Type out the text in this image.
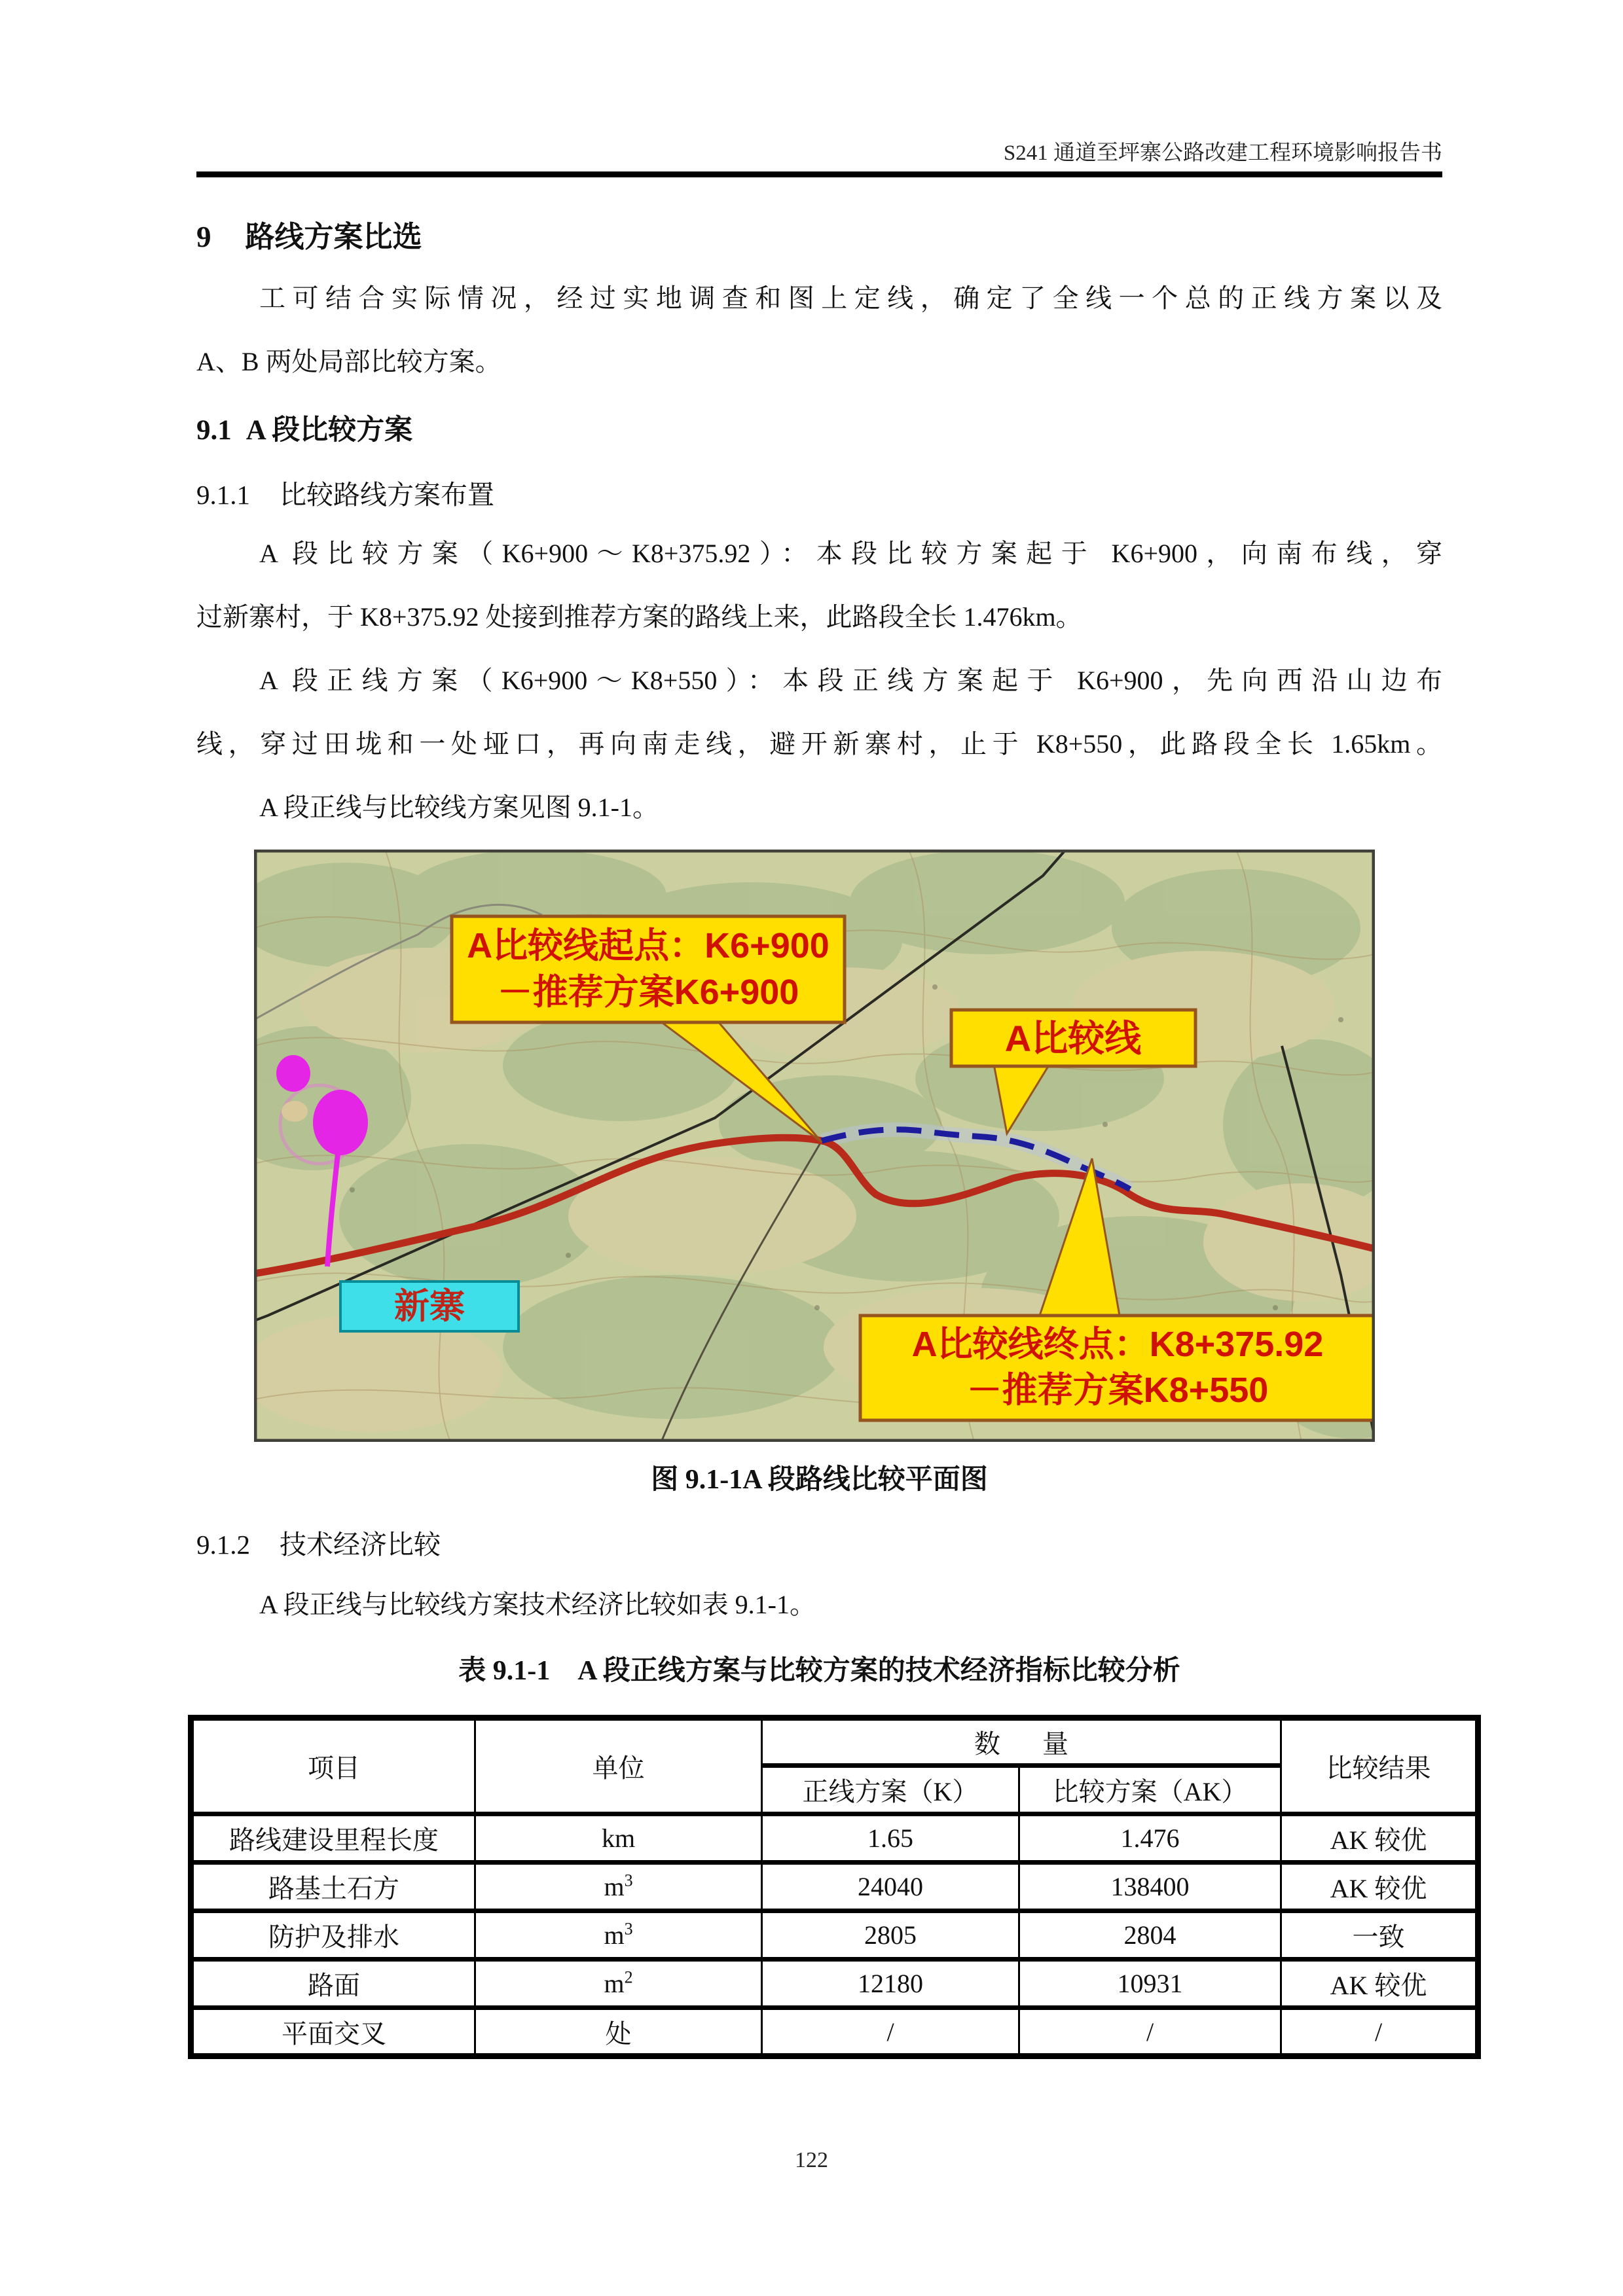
S241 通道至坪寨公路改建工程环境影响报告书
9 路线方案比选
工可结合实际情况，经过实地调查和图上定线，确定了全线一个总的正线方案以及
A、B 两处局部比较方案。
9.1 A 段比较方案
9.1.1 比较路线方案布置
A 段比较方案（K6+900～K8+375.92）：本段比较方案起于 K6+900，向南布线，穿
过新寨村，于 K8+375.92 处接到推荐方案的路线上来，此路段全长 1.476km。
A 段正线方案（K6+900～K8+550）：本段正线方案起于 K6+900，先向西沿山边布
线，穿过田垅和一处垭口，再向南走线，避开新寨村，止于 K8+550，此路段全长 1.65km。
A 段正线与比较线方案见图 9.1-1。
新寨
A比较线起点：K6+900
－推荐方案K6+900
A比较线
A比较线终点：K8+375.92
－推荐方案K8+550
图 9.1-1A 段路线比较平面图
9.1.2 技术经济比较
A 段正线与比较线方案技术经济比较如表 9.1-1。
表 9.1-1　A 段正线方案与比较方案的技术经济指标比较分析
项目	单位	数　量		比较结果
		正线方案（K）	比较方案（AK）	
路线建设里程长度	km	1.65	1.476	AK 较优
路基土石方	$m^3$	24040	138400	AK 较优
防护及排水	$m^3$	2805	2804	一致
路面	$m^2$	12180	10931	AK 较优
平面交叉	处	/	/	/
122
